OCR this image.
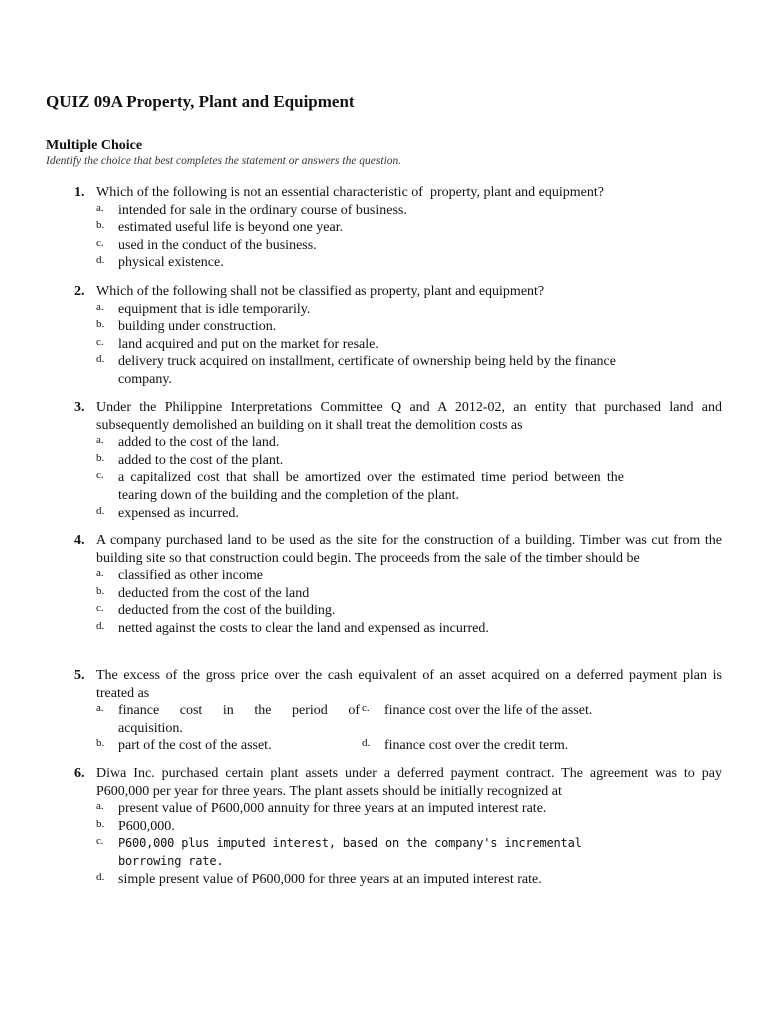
QUIZ 09A Property, Plant and Equipment
Multiple Choice
Identify the choice that best completes the statement or answers the question.
1. Which of the following is not an essential characteristic of  property, plant and equipment?
a. intended for sale in the ordinary course of business.
b. estimated useful life is beyond one year.
c. used in the conduct of the business.
d. physical existence.
2. Which of the following shall not be classified as property, plant and equipment?
a. equipment that is idle temporarily.
b. building under construction.
c. land acquired and put on the market for resale.
d. delivery truck acquired on installment, certificate of ownership being held by the finance company.
3. Under the Philippine Interpretations Committee Q and A 2012-02, an entity that purchased land and subsequently demolished an building on it shall treat the demolition costs as
a. added to the cost of the land.
b. added to the cost of the plant.
c. a capitalized cost that shall be amortized over the estimated time period between the tearing down of the building and the completion of the plant.
d. expensed as incurred.
4. A company purchased land to be used as the site for the construction of a building. Timber was cut from the building site so that construction could begin. The proceeds from the sale of the timber should be
a. classified as other income
b. deducted from the cost of the land
c. deducted from the cost of the building.
d. netted against the costs to clear the land and expensed as incurred.
5. The excess of the gross price over the cash equivalent of an asset acquired on a deferred payment plan is treated as
a. finance cost in the period of acquisition.
c. finance cost over the life of the asset.
b. part of the cost of the asset.	d. finance cost over the credit term.
6. Diwa Inc. purchased certain plant assets under a deferred payment contract. The agreement was to pay P600,000 per year for three years. The plant assets should be initially recognized at
a. present value of P600,000 annuity for three years at an imputed interest rate.
b. P600,000.
c. P600,000 plus imputed interest, based on the company's incremental borrowing rate.
d. simple present value of P600,000 for three years at an imputed interest rate.
